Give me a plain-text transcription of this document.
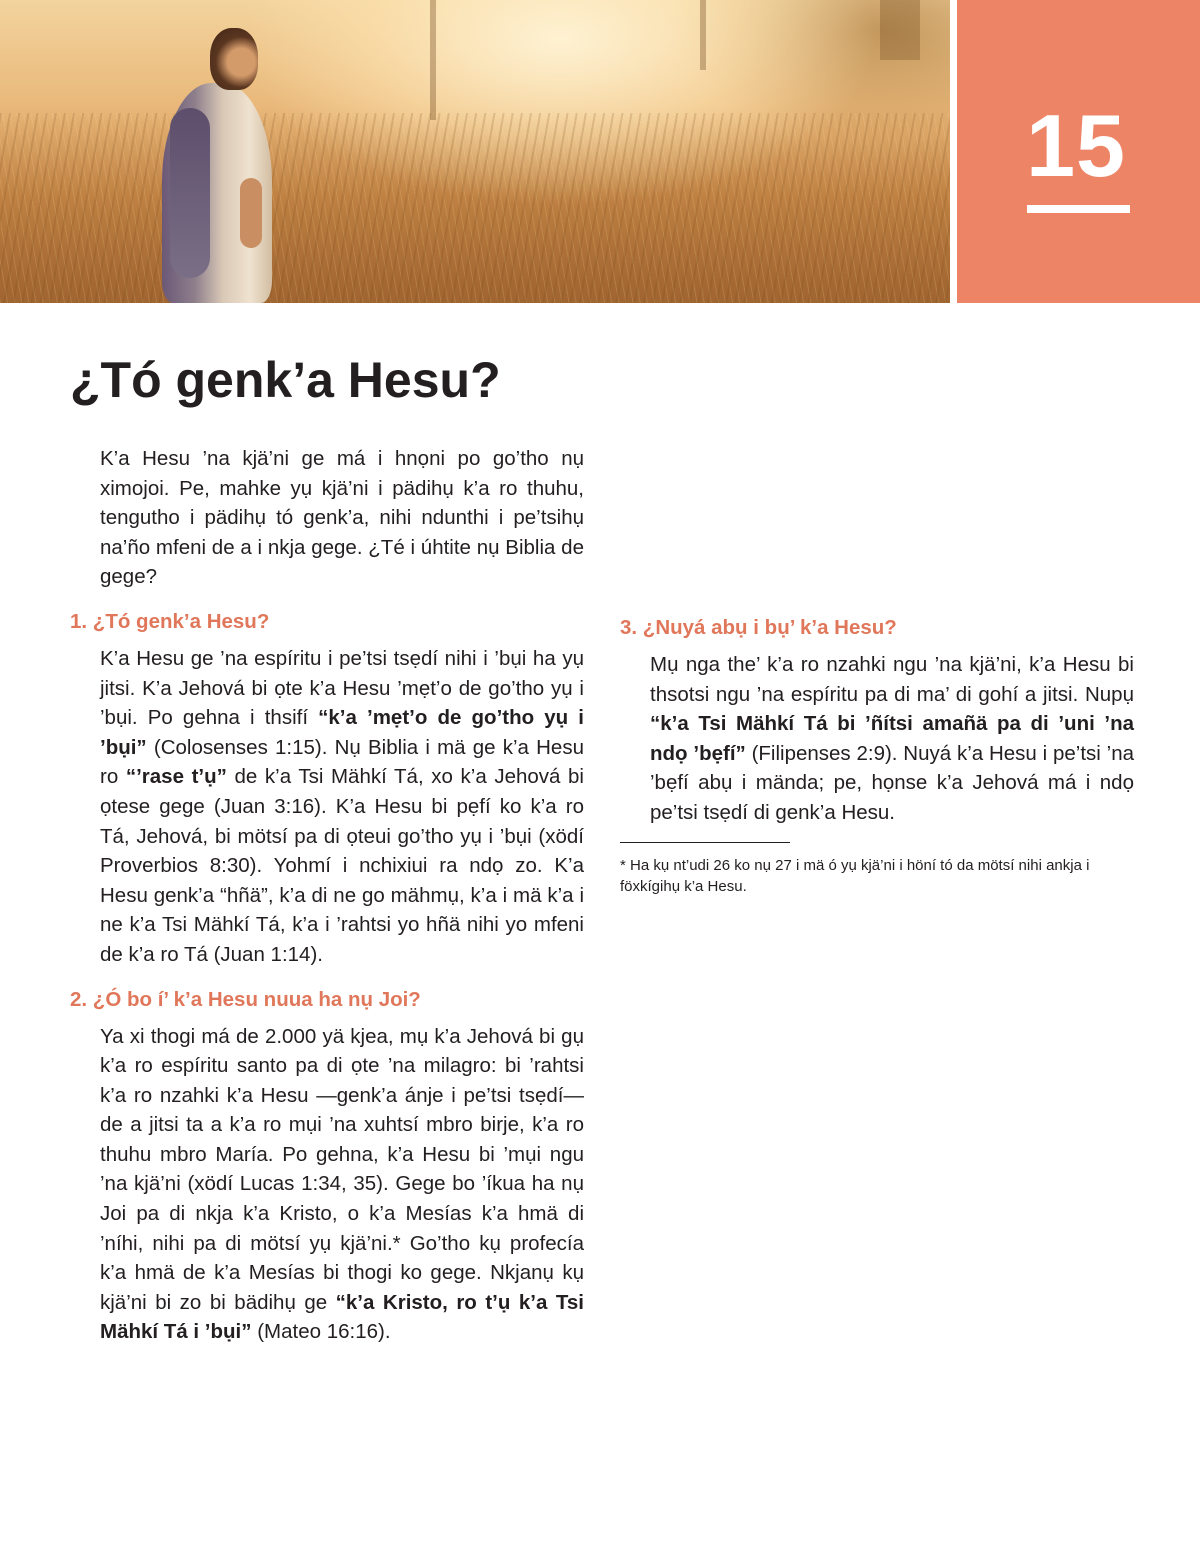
15
¿Tó genk’a Hesu?

K’a Hesu ’na kjä’ni ge má i hnọni po go’tho nụ ximojoi. Pe, mahke yụ kjä’ni i pädihụ k’a ro thuhu, tengutho i pädihụ tó genk’a, nihi ndunthi i pe’tsihụ na’ño mfeni de a i nkja gege. ¿Té i úhtite nụ Biblia de gege?

1. ¿Tó genk’a Hesu?

K’a Hesu ge ’na espíritu i pe’tsi tsẹdí nihi i ’bụi ha yụ jitsi. K’a Jehová bi ọte k’a Hesu ’mẹt’o de go’tho yụ i ’bụi. Po gehna i thsifí “k’a ’mẹt’o de go’tho yụ i ’bụi” (Colosenses 1:15). Nụ Biblia i mä ge k’a Hesu ro “’rase t’ụ” de k’a Tsi Mähkí Tá, xo k’a Jehová bi ọtese gege (Juan 3:16). K’a Hesu bi pẹfí ko k’a ro Tá, Jehová, bi mötsí pa di ọteui go’tho yụ i ’bụi (xödí Proverbios 8:30). Yohmí i nchixiui ra ndọ zo. K’a Hesu genk’a “hñä”, k’a di ne go mähmụ, k’a i mä k’a i ne k’a Tsi Mähkí Tá, k’a i ’rahtsi yo hñä nihi yo mfeni de k’a ro Tá (Juan 1:14).

2. ¿Ó bo í’ k’a Hesu nuua ha nụ Joi?

Ya xi thogi má de 2.000 yä kjea, mụ k’a Jehová bi gụ k’a ro espíritu santo pa di ọte ’na milagro: bi ’rahtsi k’a ro nzahki k’a Hesu —genk’a ánje i pe’tsi tsẹdí— de a jitsi ta a k’a ro mụi ’na xuhtsí mbro birje, k’a ro thuhu mbro María. Po gehna, k’a Hesu bi ’mụi ngu ’na kjä’ni (xödí Lucas 1:34, 35). Gege bo ’íkua ha nụ Joi pa di nkja k’a Kristo, o k’a Mesías k’a hmä di ’níhi, nihi pa di mötsí yụ kjä’ni.* Go’tho kụ profecía k’a hmä de k’a Mesías bi thogi ko gege. Nkjanụ kụ kjä’ni bi zo bi bädihụ ge “k’a Kristo, ro t’ụ k’a Tsi Mähkí Tá i ’bụi” (Mateo 16:16).

3. ¿Nuyá abụ i bụ’ k’a Hesu?

Mụ nga the’ k’a ro nzahki ngu ’na kjä’ni, k’a Hesu bi thsotsi ngu ’na espíritu pa di ma’ di gohí a jitsi. Nupụ “k’a Tsi Mähkí Tá bi ’ñítsi amañä pa di ’uni ’na ndọ ’bẹfí” (Filipenses 2:9). Nuyá k’a Hesu i pe’tsi ’na ’bẹfí abụ i mända; pe, họnse k’a Jehová má i ndọ pe’tsi tsẹdí di genk’a Hesu.

* Ha kụ nt’udi 26 ko nụ 27 i mä ó yụ kjä’ni i höní tó da mötsí nihi ankja i föxkígihụ k’a Hesu.
